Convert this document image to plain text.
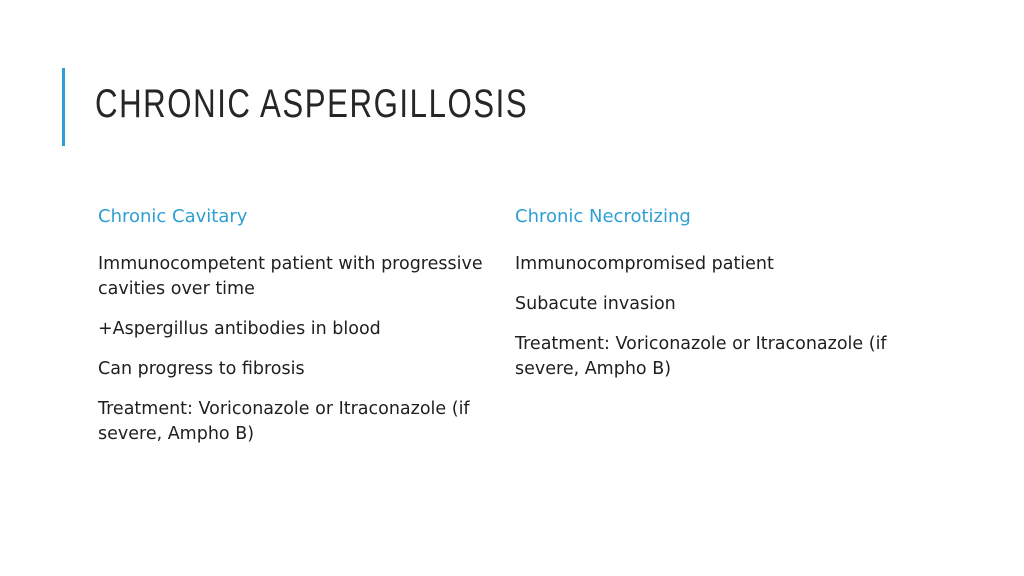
CHRONIC ASPERGILLOSIS
Chronic Cavitary
Immunocompetent patient with progressive cavities over time
+Aspergillus antibodies in blood
Can progress to fibrosis
Treatment: Voriconazole or Itraconazole (if severe, Ampho B)
Chronic Necrotizing
Immunocompromised patient
Subacute invasion
Treatment: Voriconazole or Itraconazole (if severe, Ampho B)
